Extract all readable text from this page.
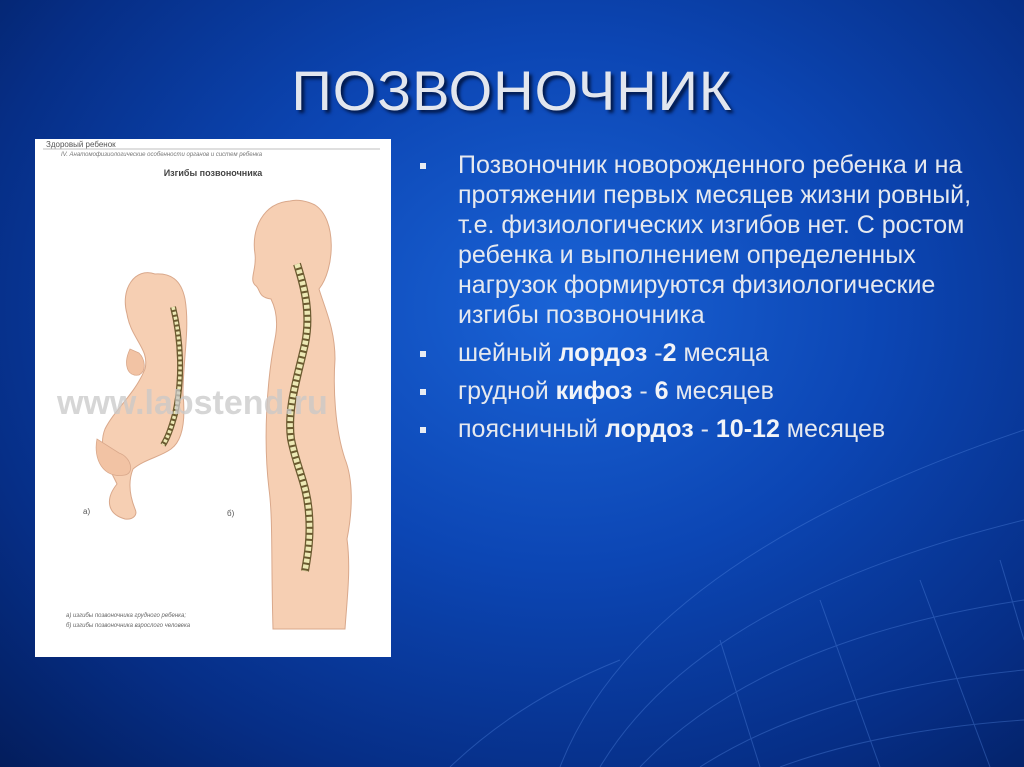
ПОЗВОНОЧНИК
Здоровый ребенок
IV. Анатомофизиологические особенности органов и систем ребенка
Изгибы позвоночника
www.labstend.ru
а)	б)
а) изгибы позвоночника грудного ребенка;
б) изгибы позвоночника взрослого человека
Позвоночник новорожденного ребенка и на протяжении первых месяцев жизни ровный, т.е. физиологических изгибов нет. С ростом ребенка и выполнением определенных нагрузок формируются физиологические изгибы позвоночника
шейный лордоз -2 месяца
грудной кифоз - 6 месяцев
поясничный лордоз - 10-12 месяцев
